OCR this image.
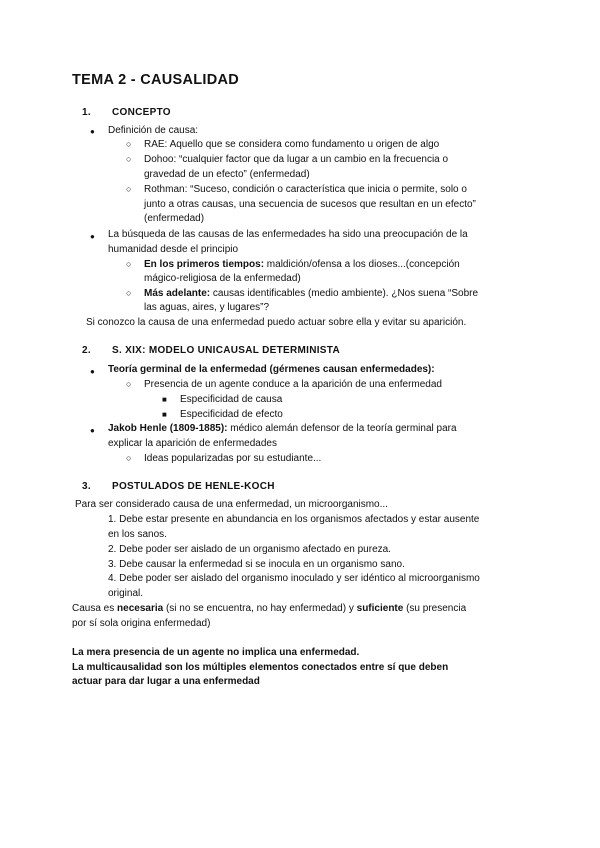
TEMA 2 - CAUSALIDAD
1. CONCEPTO
● Definición de causa:
○ RAE: Aquello que se considera como fundamento u origen de algo
○ Dohoo: “cualquier factor que da lugar a un cambio en la frecuencia o
gravedad de un efecto” (enfermedad)
○ Rothman: “Suceso, condición o característica que inicia o permite, solo o
junto a otras causas, una secuencia de sucesos que resultan en un efecto”
(enfermedad)
● La búsqueda de las causas de las enfermedades ha sido una preocupación de la
humanidad desde el principio
○ En los primeros tiempos: maldición/ofensa a los dioses...(concepción
mágico-religiosa de la enfermedad)
○ Más adelante: causas identificables (medio ambiente). ¿Nos suena “Sobre
las aguas, aires, y lugares”?
Si conozco la causa de una enfermedad puedo actuar sobre ella y evitar su aparición.
2. S. XIX: MODELO UNICAUSAL DETERMINISTA
● Teoría germinal de la enfermedad (gérmenes causan enfermedades):
○ Presencia de un agente conduce a la aparición de una enfermedad
■ Especificidad de causa
■ Especificidad de efecto
● Jakob Henle (1809-1885): médico alemán defensor de la teoría germinal para
explicar la aparición de enfermedades
○ Ideas popularizadas por su estudiante...
3. POSTULADOS DE HENLE-KOCH
Para ser considerado causa de una enfermedad, un microorganismo...
1. Debe estar presente en abundancia en los organismos afectados y estar ausente
en los sanos.
2. Debe poder ser aislado de un organismo afectado en pureza.
3. Debe causar la enfermedad si se inocula en un organismo sano.
4. Debe poder ser aislado del organismo inoculado y ser idéntico al microorganismo
original.
Causa es necesaria (si no se encuentra, no hay enfermedad) y suficiente (su presencia
por sí sola origina enfermedad)
La mera presencia de un agente no implica una enfermedad.
La multicausalidad son los múltiples elementos conectados entre sí que deben
actuar para dar lugar a una enfermedad
